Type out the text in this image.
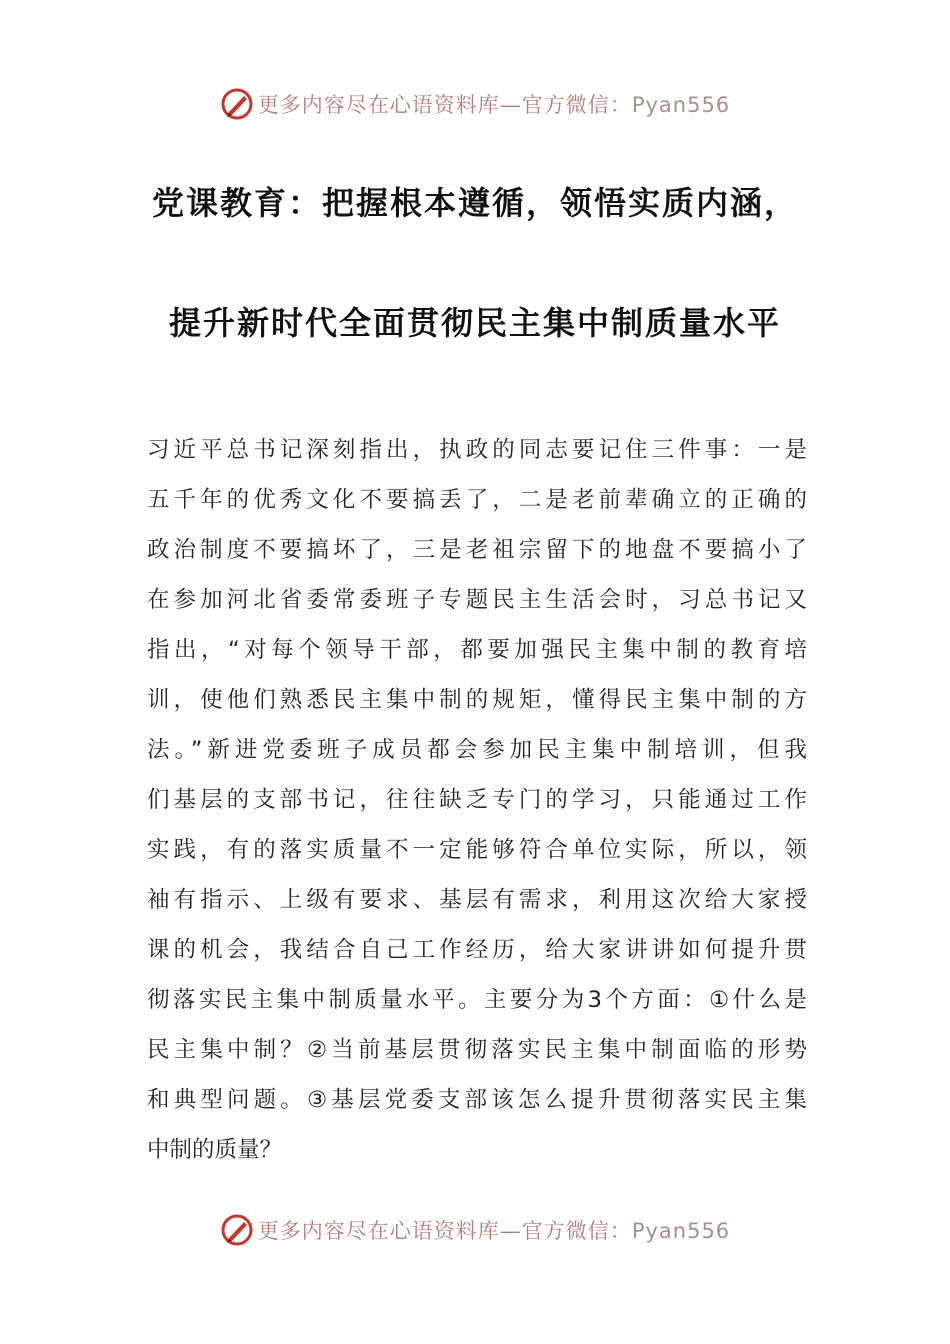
更多内容尽在心语资料库—官方微信：Pyan556
党课教育：把握根本遵循，领悟实质内涵，
提升新时代全面贯彻民主集中制质量水平
习近平总书记深刻指出，执政的同志要记住三件事：一是
五千年的优秀文化不要搞丢了，二是老前辈确立的正确的
政治制度不要搞坏了，三是老祖宗留下的地盘不要搞小了
在参加河北省委常委班子专题民主生活会时，习总书记又
指出，“对每个领导干部，都要加强民主集中制的教育培
训，使他们熟悉民主集中制的规矩，懂得民主集中制的方
法。”新进党委班子成员都会参加民主集中制培训，但我
们基层的支部书记，往往缺乏专门的学习，只能通过工作
实践，有的落实质量不一定能够符合单位实际，所以，领
袖有指示、上级有要求、基层有需求，利用这次给大家授
课的机会，我结合自己工作经历，给大家讲讲如何提升贯
彻落实民主集中制质量水平。主要分为3个方面：①什么是
民主集中制？②当前基层贯彻落实民主集中制面临的形势
和典型问题。③基层党委支部该怎么提升贯彻落实民主集
中制的质量？
更多内容尽在心语资料库—官方微信：Pyan556
